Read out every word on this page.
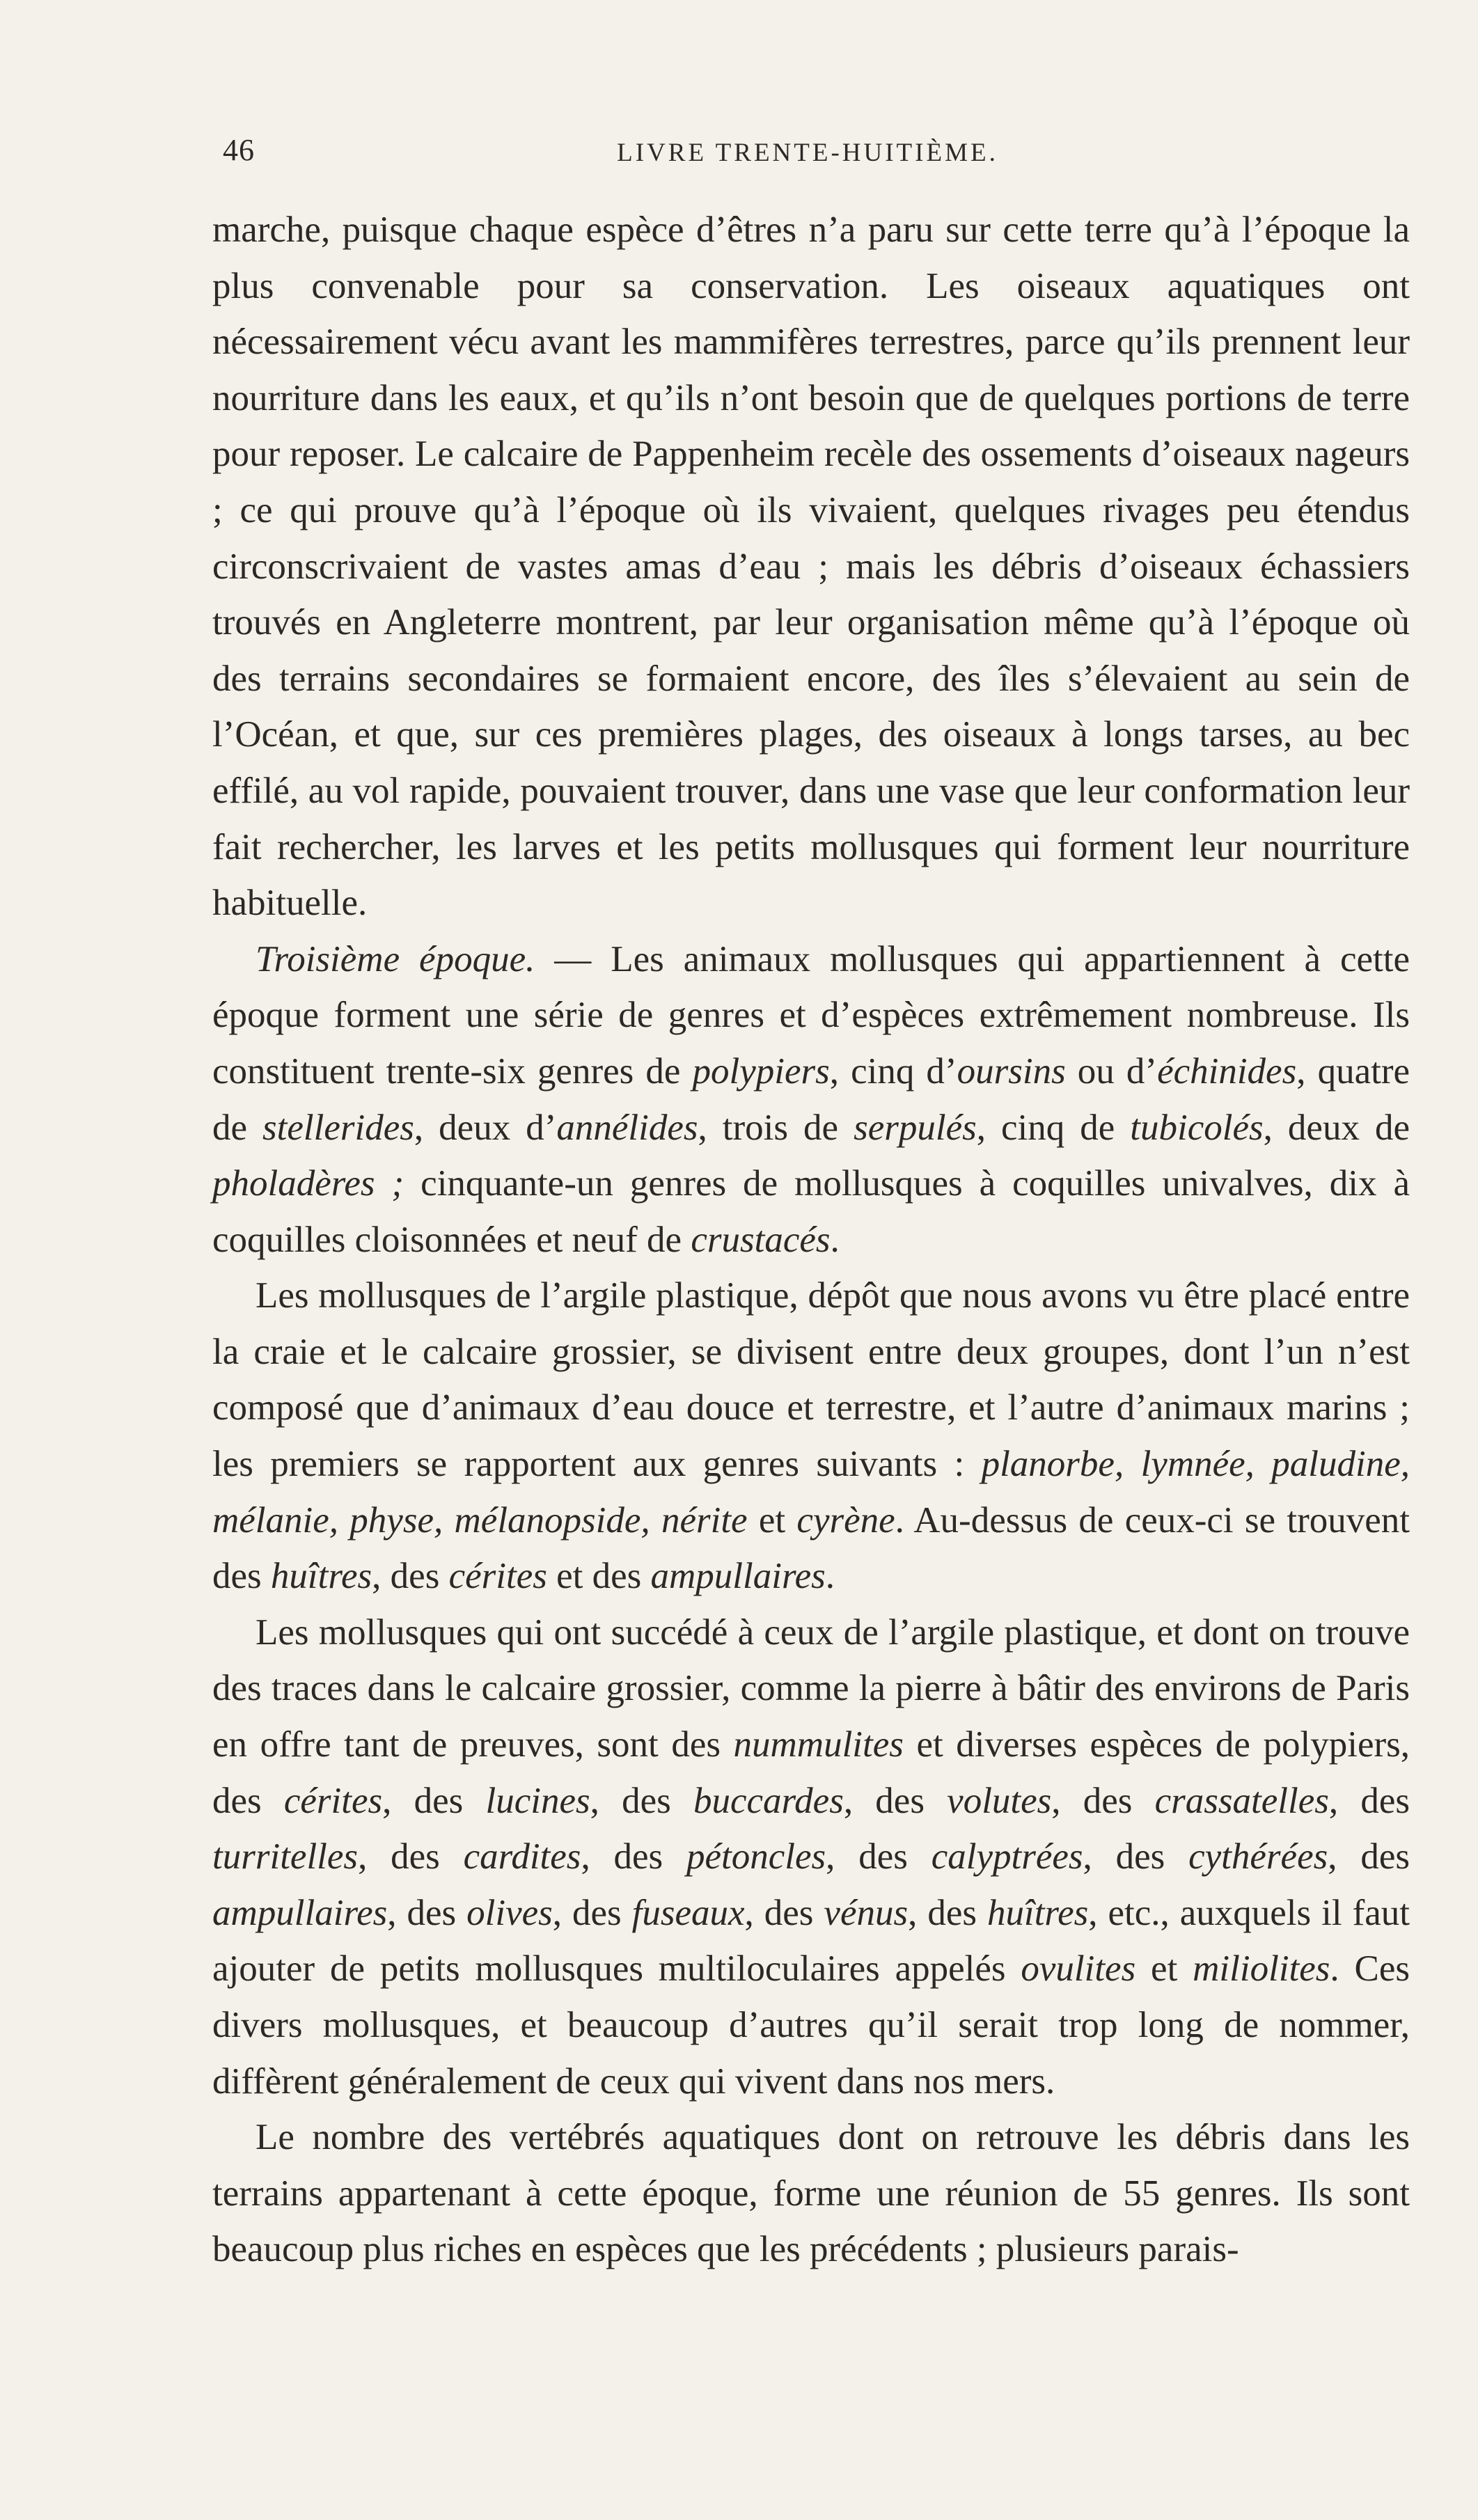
46	LIVRE TRENTE-HUITIÈME.

marche, puisque chaque espèce d’êtres n’a paru sur cette terre qu’à l’époque la plus convenable pour sa conservation. Les oiseaux aquatiques ont nécessairement vécu avant les mammifères terrestres, parce qu’ils prennent leur nourriture dans les eaux, et qu’ils n’ont besoin que de quelques portions de terre pour reposer. Le calcaire de Pappenheim recèle des ossements d’oiseaux nageurs ; ce qui prouve qu’à l’époque où ils vivaient, quelques rivages peu étendus circonscrivaient de vastes amas d’eau ; mais les débris d’oiseaux échassiers trouvés en Angleterre montrent, par leur organisation même qu’à l’époque où des terrains secondaires se formaient encore, des îles s’élevaient au sein de l’Océan, et que, sur ces premières plages, des oiseaux à longs tarses, au bec effilé, au vol rapide, pouvaient trouver, dans une vase que leur conformation leur fait rechercher, les larves et les petits mollusques qui forment leur nourriture habituelle.

Troisième époque. — Les animaux mollusques qui appartiennent à cette époque forment une série de genres et d’espèces extrêmement nombreuse. Ils constituent trente-six genres de polypiers, cinq d’oursins ou d’échinides, quatre de stellerides, deux d’annélides, trois de serpulés, cinq de tubicolés, deux de pholadères ; cinquante-un genres de mollusques à coquilles univalves, dix à coquilles cloisonnées et neuf de crustacés.

Les mollusques de l’argile plastique, dépôt que nous avons vu être placé entre la craie et le calcaire grossier, se divisent entre deux groupes, dont l’un n’est composé que d’animaux d’eau douce et terrestre, et l’autre d’animaux marins ; les premiers se rapportent aux genres suivants : planorbe, lymnée, paludine, mélanie, physe, mélanopside, nérite et cyrène. Au-dessus de ceux-ci se trouvent des huîtres, des cérites et des ampullaires.

Les mollusques qui ont succédé à ceux de l’argile plastique, et dont on trouve des traces dans le calcaire grossier, comme la pierre à bâtir des environs de Paris en offre tant de preuves, sont des nummulites et diverses espèces de polypiers, des cérites, des lucines, des buccardes, des volutes, des crassatelles, des turritelles, des cardites, des pétoncles, des calyptrées, des cythérées, des ampullaires, des olives, des fuseaux, des vénus, des huîtres, etc., auxquels il faut ajouter de petits mollusques multiloculaires appelés ovulites et miliolites. Ces divers mollusques, et beaucoup d’autres qu’il serait trop long de nommer, diffèrent généralement de ceux qui vivent dans nos mers.

Le nombre des vertébrés aquatiques dont on retrouve les débris dans les terrains appartenant à cette époque, forme une réunion de 55 genres. Ils sont beaucoup plus riches en espèces que les précédents ; plusieurs parais-
